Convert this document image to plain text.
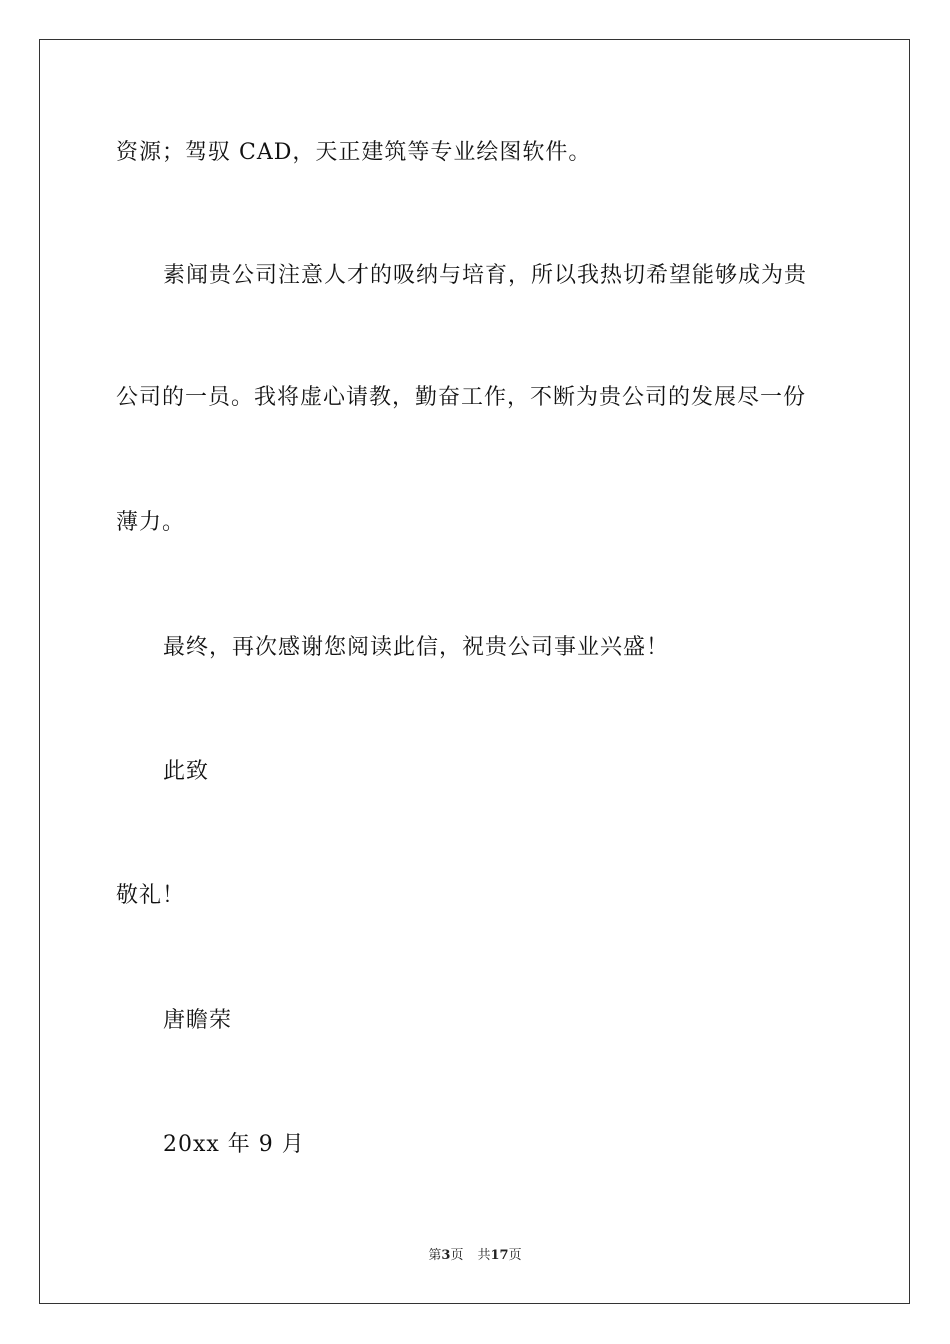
资源；驾驭 CAD，天正建筑等专业绘图软件。
素闻贵公司注意人才的吸纳与培育，所以我热切希望能够成为贵
公司的一员。我将虚心请教，勤奋工作，不断为贵公司的发展尽一份
薄力。
最终，再次感谢您阅读此信，祝贵公司事业兴盛！
此致
敬礼！
唐瞻荣
20xx 年 9 月
第3页 共17页
